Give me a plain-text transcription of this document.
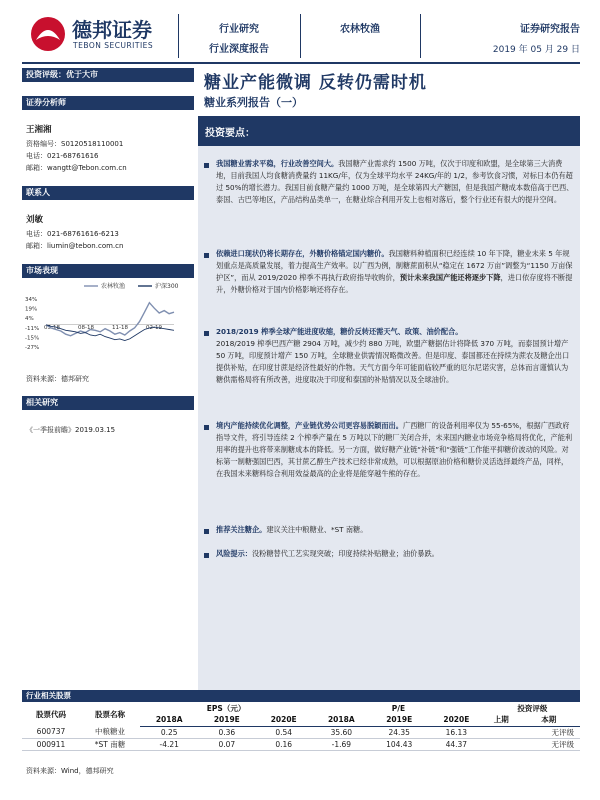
德邦证券
TEBON SECURITIES
行业研究
行业深度报告
农林牧渔	证券研究报告
2019 年 05 月 29 日
投资评级：优于大市
证券分析师
王湘湘
资格编号：S0120518110001
电话：021-68761616
邮箱：wangtt@Tebon.com.cn
联系人
刘敏
电话：021-68761616-6213
邮箱：liumin@tebon.com.cn
市场表现
34%
19%
4%
-11%
-15%
-27%
05-18	08-18	11-18	02-19
农林牧渔	沪深300
资料来源：德邦研究
相关研究
《一季报前瞻》2019.03.15
糖业产能微调 反转仍需时机
糖业系列报告（一）
投资要点：
我国糖业需求平稳，行业改善空间大。我国糖产业需求约 1500 万吨，仅次于印度和欧盟，是全球第三大消费地，目前我国人均食糖消费量约 11KG/年，仅为全球平均水平 24KG/年的 1/2，参考饮食习惯，对标日本仍有超过 50%的增长潜力。我国目前食糖产量约 1000 万吨，是全球第四大产糖国，但是我国产糖成本数倍高于巴西、泰国、古巴等地区，产品结构品类单一，在糖业综合利用开发上也相对落后，整个行业还有很大的提升空间。
依赖进口现状仍将长期存在，外糖价格锚定国内糖价。我国糖料种植面积已经连续 10 年下降，糖业未来 5 年规划重点是高质量发展，着力提高生产效率。以广西为例，制糖蔗面积从“稳定在 1672 万亩”调整为“1150 万亩保护区”，而从 2019/2020 榨季不再执行政府指导收购价，预计未来我国产能还将逐步下降，进口依存度将不断提升，外糖价格对于国内价格影响还将存在。
2018/2019 榨季全球产能进度收缩，糖价反转还需天气、政策、油价配合。
2018/2019 榨季巴西产糖 2904 万吨，减少约 880 万吨，欧盟产糖据估计将降低 370 万吨，而泰国预计增产 50 万吨，印度预计增产 150 万吨，全球糖业供需情况略微改善。但是印度、泰国都还在持续为蔗农及糖企出口提供补贴，在印度甘蔗是经济性最好的作物。天气方面今年可能面临较严重的厄尔尼诺灾害，总体而言谨慎认为糖供需格局将有所改善，进度取决于印度和泰国的补贴情况以及全球油价。
境内产能持续优化调整，产业链优势公司更容易脱颖而出。广西糖厂的设备利用率仅为 55-65%，根据广西政府指导文件，将引导连续 2 个榨季产量在 5 万吨以下的糖厂关闭合并，未来国内糖业市场竞争格局将优化，产能利用率的提升也将带来制糖成本的降低。另一方面，做好糖产业链“补链”和“强链”工作能平抑糖价波动的风险。对标第一制糖强国巴西，其甘蔗乙醇生产技术已经非常成熟，可以根据原油价格和糖价灵活选择最终产品，同样，在我国未来糖料综合利用效益最高的企业将是能穿越牛熊的存在。
推荐关注糖企。建议关注中粮糖业、*ST 南糖。
风险提示：没粉糖替代工艺实现突破；印度持续补贴糖业；油价暴跌。
行业相关股票
股票代码	股票名称	EPS（元）			P/E			投资评级	
		2018A	2019E	2020E	2018A	2019E	2020E	上期	本期
600737	中粮糖业	0.25	0.36	0.54	35.60	24.35	16.13		无评级
000911	*ST 南糖	-4.21	0.07	0.16	-1.69	104.43	44.37		无评级
资料来源：Wind，德邦研究
